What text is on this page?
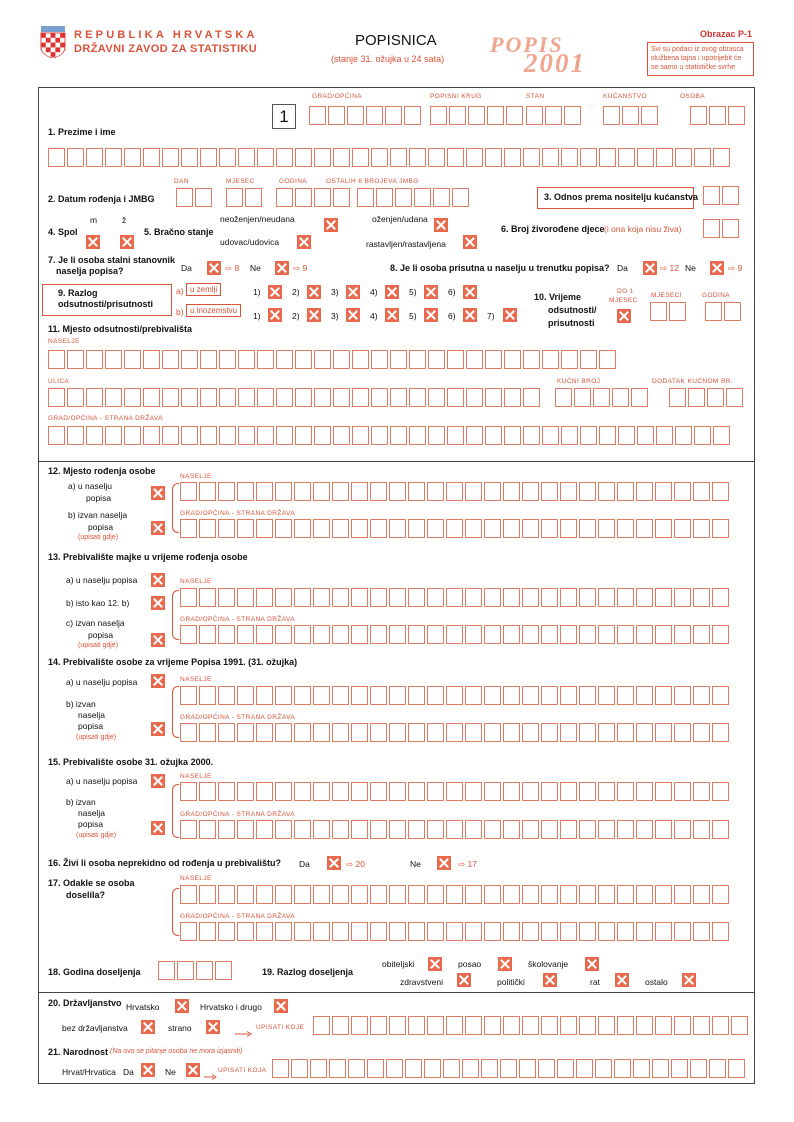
REPUBLIKA HRVATSKA
DRŽAVNI ZAVOD ZA STATISTIKU	POPISNICA
(stanje 31. ožujka u 24 sata)
POPIS
2001
Obrazac P-1
Svi su podaci iz ovog obrasca službena tajna i upotrijebit će se samo u statističke svrhe
1
GRAD/OPĆINA	POPISNI KRUG	STAN	KUĆANSTVO	OSOBA
1. Prezime i ime
DAN	MJESEC	GODINA	OSTALIH 6 BROJEVA JMBG
2. Datum rođenja i JMBG	3. Odnos prema nositelju kućanstva
m	ž
4. Spol	5. Bračno stanje
neoženjen/neudana	oženjen/udana
udovac/udovica	rastavljen/rastavljena
6. Broj živorođene djece (i ona koja nisu živa)
7. Je li osoba stalni stanovnik
naselja popisa?	Da	⇨ 8 Ne	⇨ 9	8. Je li osoba prisutna u naselju u trenutku popisa? Da	⇨ 12 Ne	⇨ 9
9. Razlog
odsutnosti/prisutnosti
a) u zemlji
b) u inozemstvu
1)	2)	3)	4)	5)	6)
1)	2)	3)	4)	5)	6)	7)
10. Vrijeme
odsutnosti/
prisutnosti
DO 1
MJESEC
MJESECI	GODINA
11. Mjesto odsutnosti/prebivališta
NASELJE
ULICA	KUĆNI BROJ	DODATAK KUĆNOM BR.
GRAD/OPĆINA - STRANA DRŽAVA
12. Mjesto rođenja osobe
a) u naselju
popisa
b) izvan naselja
popisa
(upisati gdje)
NASELJE
GRAD/OPĆINA - STRANA DRŽAVA
13. Prebivalište majke u vrijeme rođenja osobe
a) u naselju popisa
b) isto kao 12. b)
c) izvan naselja
popisa
(upisati gdje)
NASELJE
GRAD/OPĆINA - STRANA DRŽAVA
14. Prebivalište osobe za vrijeme Popisa 1991. (31. ožujka)
a) u naselju popisa
b) izvan
naselja
popisa
(upisati gdje)
NASELJE
GRAD/OPĆINA - STRANA DRŽAVA
15. Prebivalište osobe 31. ožujka 2000.
a) u naselju popisa
b) izvan
naselja
popisa
(upisati gdje)
NASELJE
GRAD/OPĆINA - STRANA DRŽAVA
16. Živi li osoba neprekidno od rođenja u prebivalištu? Da	⇨ 20	Ne	⇨ 17
17. Odakle se osoba
doselila?
NASELJE
GRAD/OPĆINA - STRANA DRŽAVA
18. Godina doseljenja	19. Razlog doseljenja
obiteljski	posao	školovanje
zdravstveni	politički	rat	ostalo
20. Državljanstvo Hrvatsko	Hrvatsko i drugo
bez državljanstva	strano	UPISATI KOJE
21. Narodnost (Na ovo se pitanje osoba ne mora izjasniti)
Hrvat/Hrvatica Da	Ne	UPISATI KOJA
